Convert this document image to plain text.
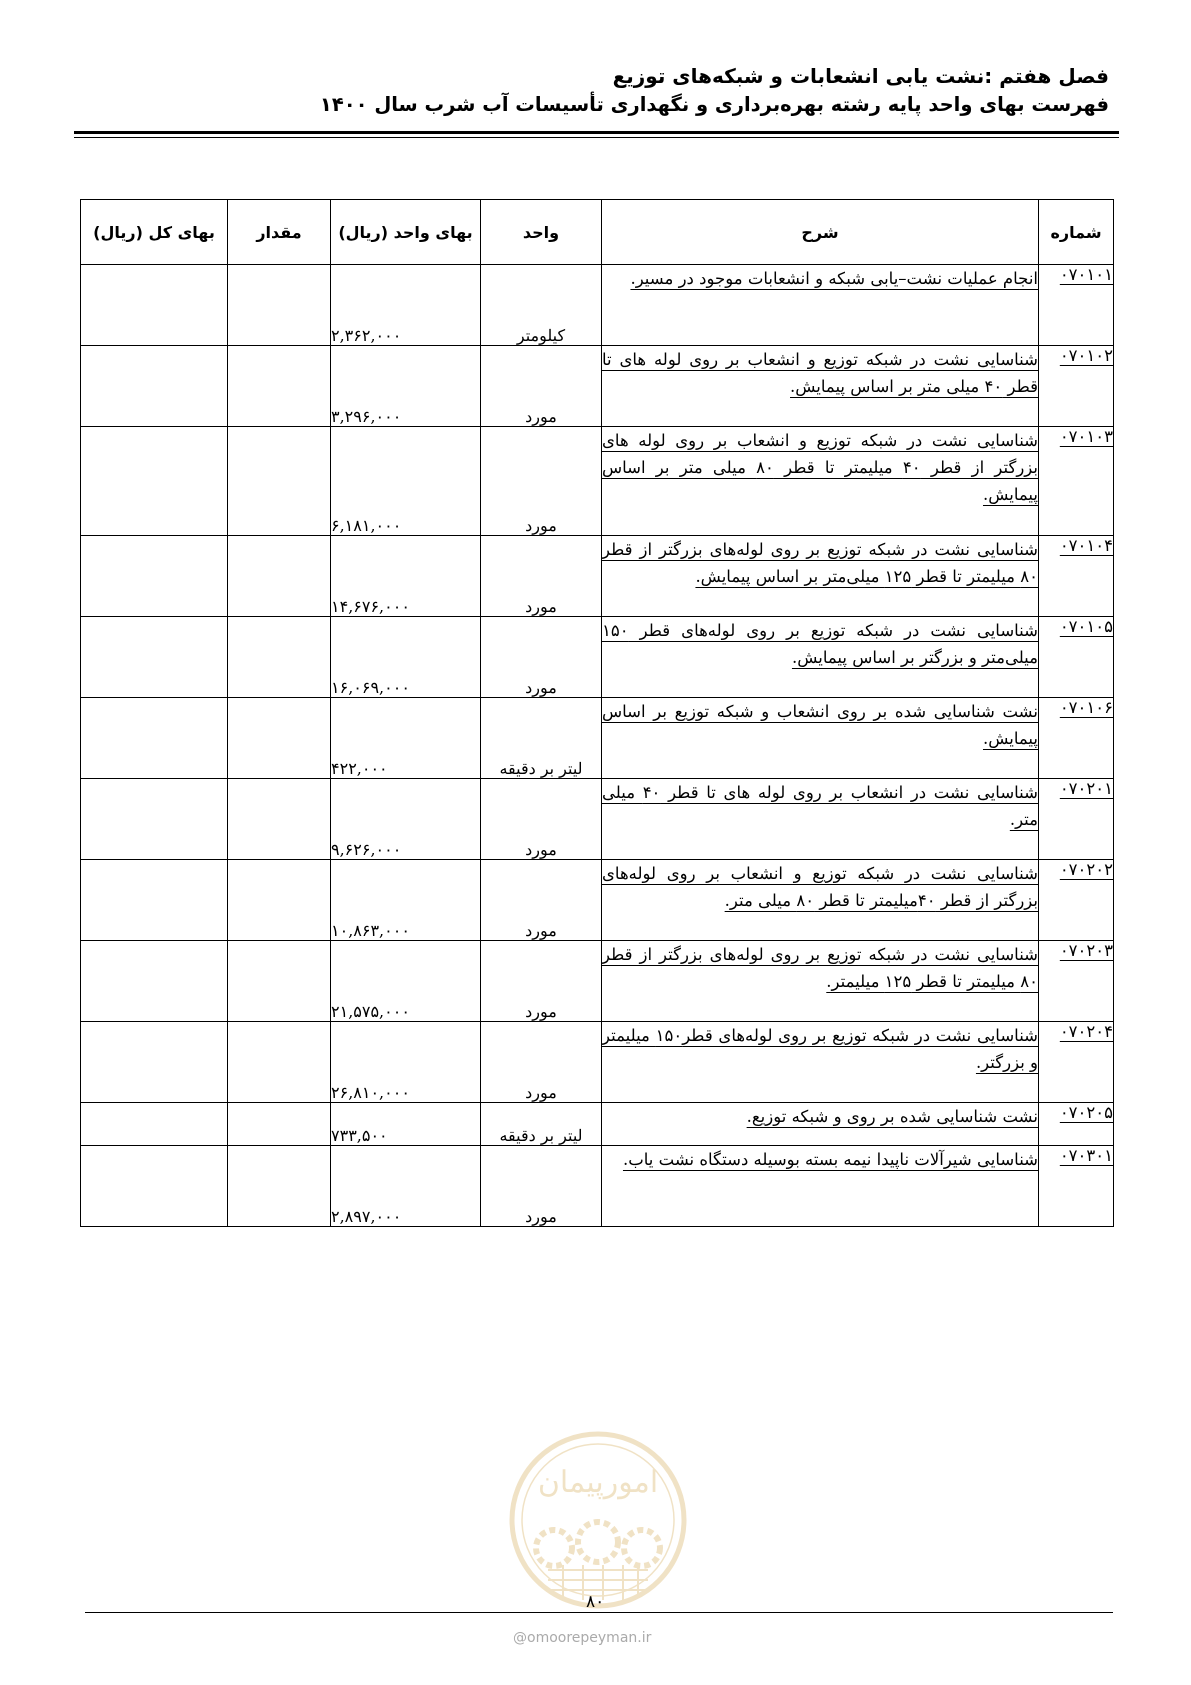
فصل هفتم :نشت یابی انشعابات و شبکه‌های توزیع
فهرست بهای واحد پایه رشته بهره‌برداری و نگهداری تأسیسات آب شرب سال ۱۴۰۰
شماره	شرح	واحد	بهای واحد (ریال)	مقدار	بهای کل (ریال)
۰۷۰۱۰۱	انجام عملیات نشت–یابی شبکه و انشعابات موجود در مسیر.	کیلومتر	۲,۳۶۲,۰۰۰		
۰۷۰۱۰۲	شناسایی نشت در شبکه توزیع و انشعاب بر روی لوله های تا قطر ۴۰ میلی متر بر اساس پیمایش.	مورد	۳,۲۹۶,۰۰۰		
۰۷۰۱۰۳	شناسایی نشت در شبکه توزیع و انشعاب بر روی لوله های بزرگتر از قطر ۴۰ میلیمتر تا قطر ۸۰ میلی متر بر اساس پیمایش.	مورد	۶,۱۸۱,۰۰۰		
۰۷۰۱۰۴	شناسایی نشت در شبکه توزیع بر روی لوله‌های بزرگتر از قطر ۸۰ میلیمتر تا قطر ۱۲۵ میلی‌متر بر اساس پیمایش.	مورد	۱۴,۶۷۶,۰۰۰		
۰۷۰۱۰۵	شناسایی نشت در شبکه توزیع بر روی لوله‌های قطر ۱۵۰ میلی‌متر و بزرگتر بر اساس پیمایش.	مورد	۱۶,۰۶۹,۰۰۰		
۰۷۰۱۰۶	نشت شناسایی شده بر روی انشعاب و شبکه توزیع بر اساس پیمایش.	لیتر بر دقیقه	۴۲۲,۰۰۰		
۰۷۰۲۰۱	شناسایی نشت در انشعاب بر روی لوله های تا قطر ۴۰ میلی متر.	مورد	۹,۶۲۶,۰۰۰		
۰۷۰۲۰۲	شناسایی نشت در شبکه توزیع و انشعاب بر روی لوله‌های بزرگتر از قطر ۴۰میلیمتر تا قطر ۸۰ میلی متر.	مورد	۱۰,۸۶۳,۰۰۰		
۰۷۰۲۰۳	شناسایی نشت در شبکه توزیع بر روی لوله‌های بزرگتر از قطر ۸۰ میلیمتر تا قطر ۱۲۵ میلیمتر.	مورد	۲۱,۵۷۵,۰۰۰		
۰۷۰۲۰۴	شناسایی نشت در شبکه توزیع بر روی لوله‌های قطر۱۵۰ میلیمتر و بزرگتر.	مورد	۲۶,۸۱۰,۰۰۰		
۰۷۰۲۰۵	نشت شناسایی شده بر روی و شبکه توزیع.	لیتر بر دقیقه	۷۳۳,۵۰۰		
۰۷۰۳۰۱	شناسایی شیرآلات ناپیدا نیمه بسته بوسیله دستگاه نشت یاب.	مورد	۲,۸۹۷,۰۰۰		
امورپیمان
۸۰
@omoorepeyman.ir
